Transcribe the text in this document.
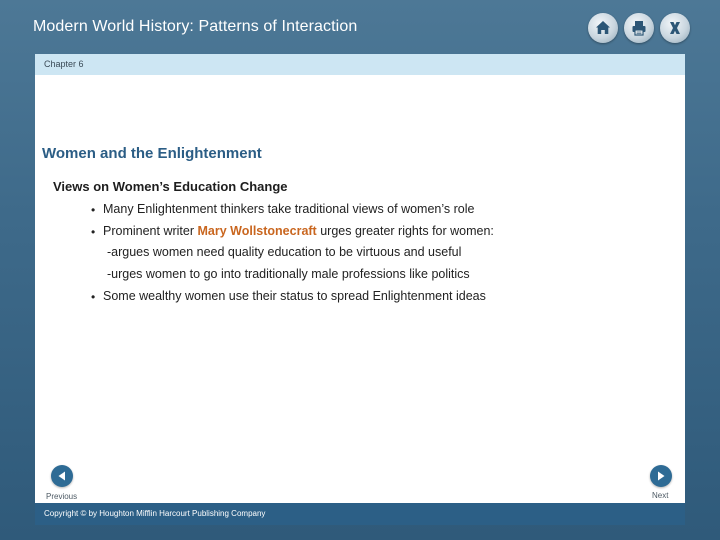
Modern World History: Patterns of Interaction
Chapter 6
Women and the Enlightenment
Views on Women’s Education Change
• Many Enlightenment thinkers take traditional views of women’s role
• Prominent writer Mary Wollstonecraft urges greater rights for women:
-argues women need quality education to be virtuous and useful
-urges women to go into traditionally male professions like politics
• Some wealthy women use their status to spread Enlightenment ideas
Previous	Next
Copyright © by Houghton Mifflin Harcourt Publishing Company
